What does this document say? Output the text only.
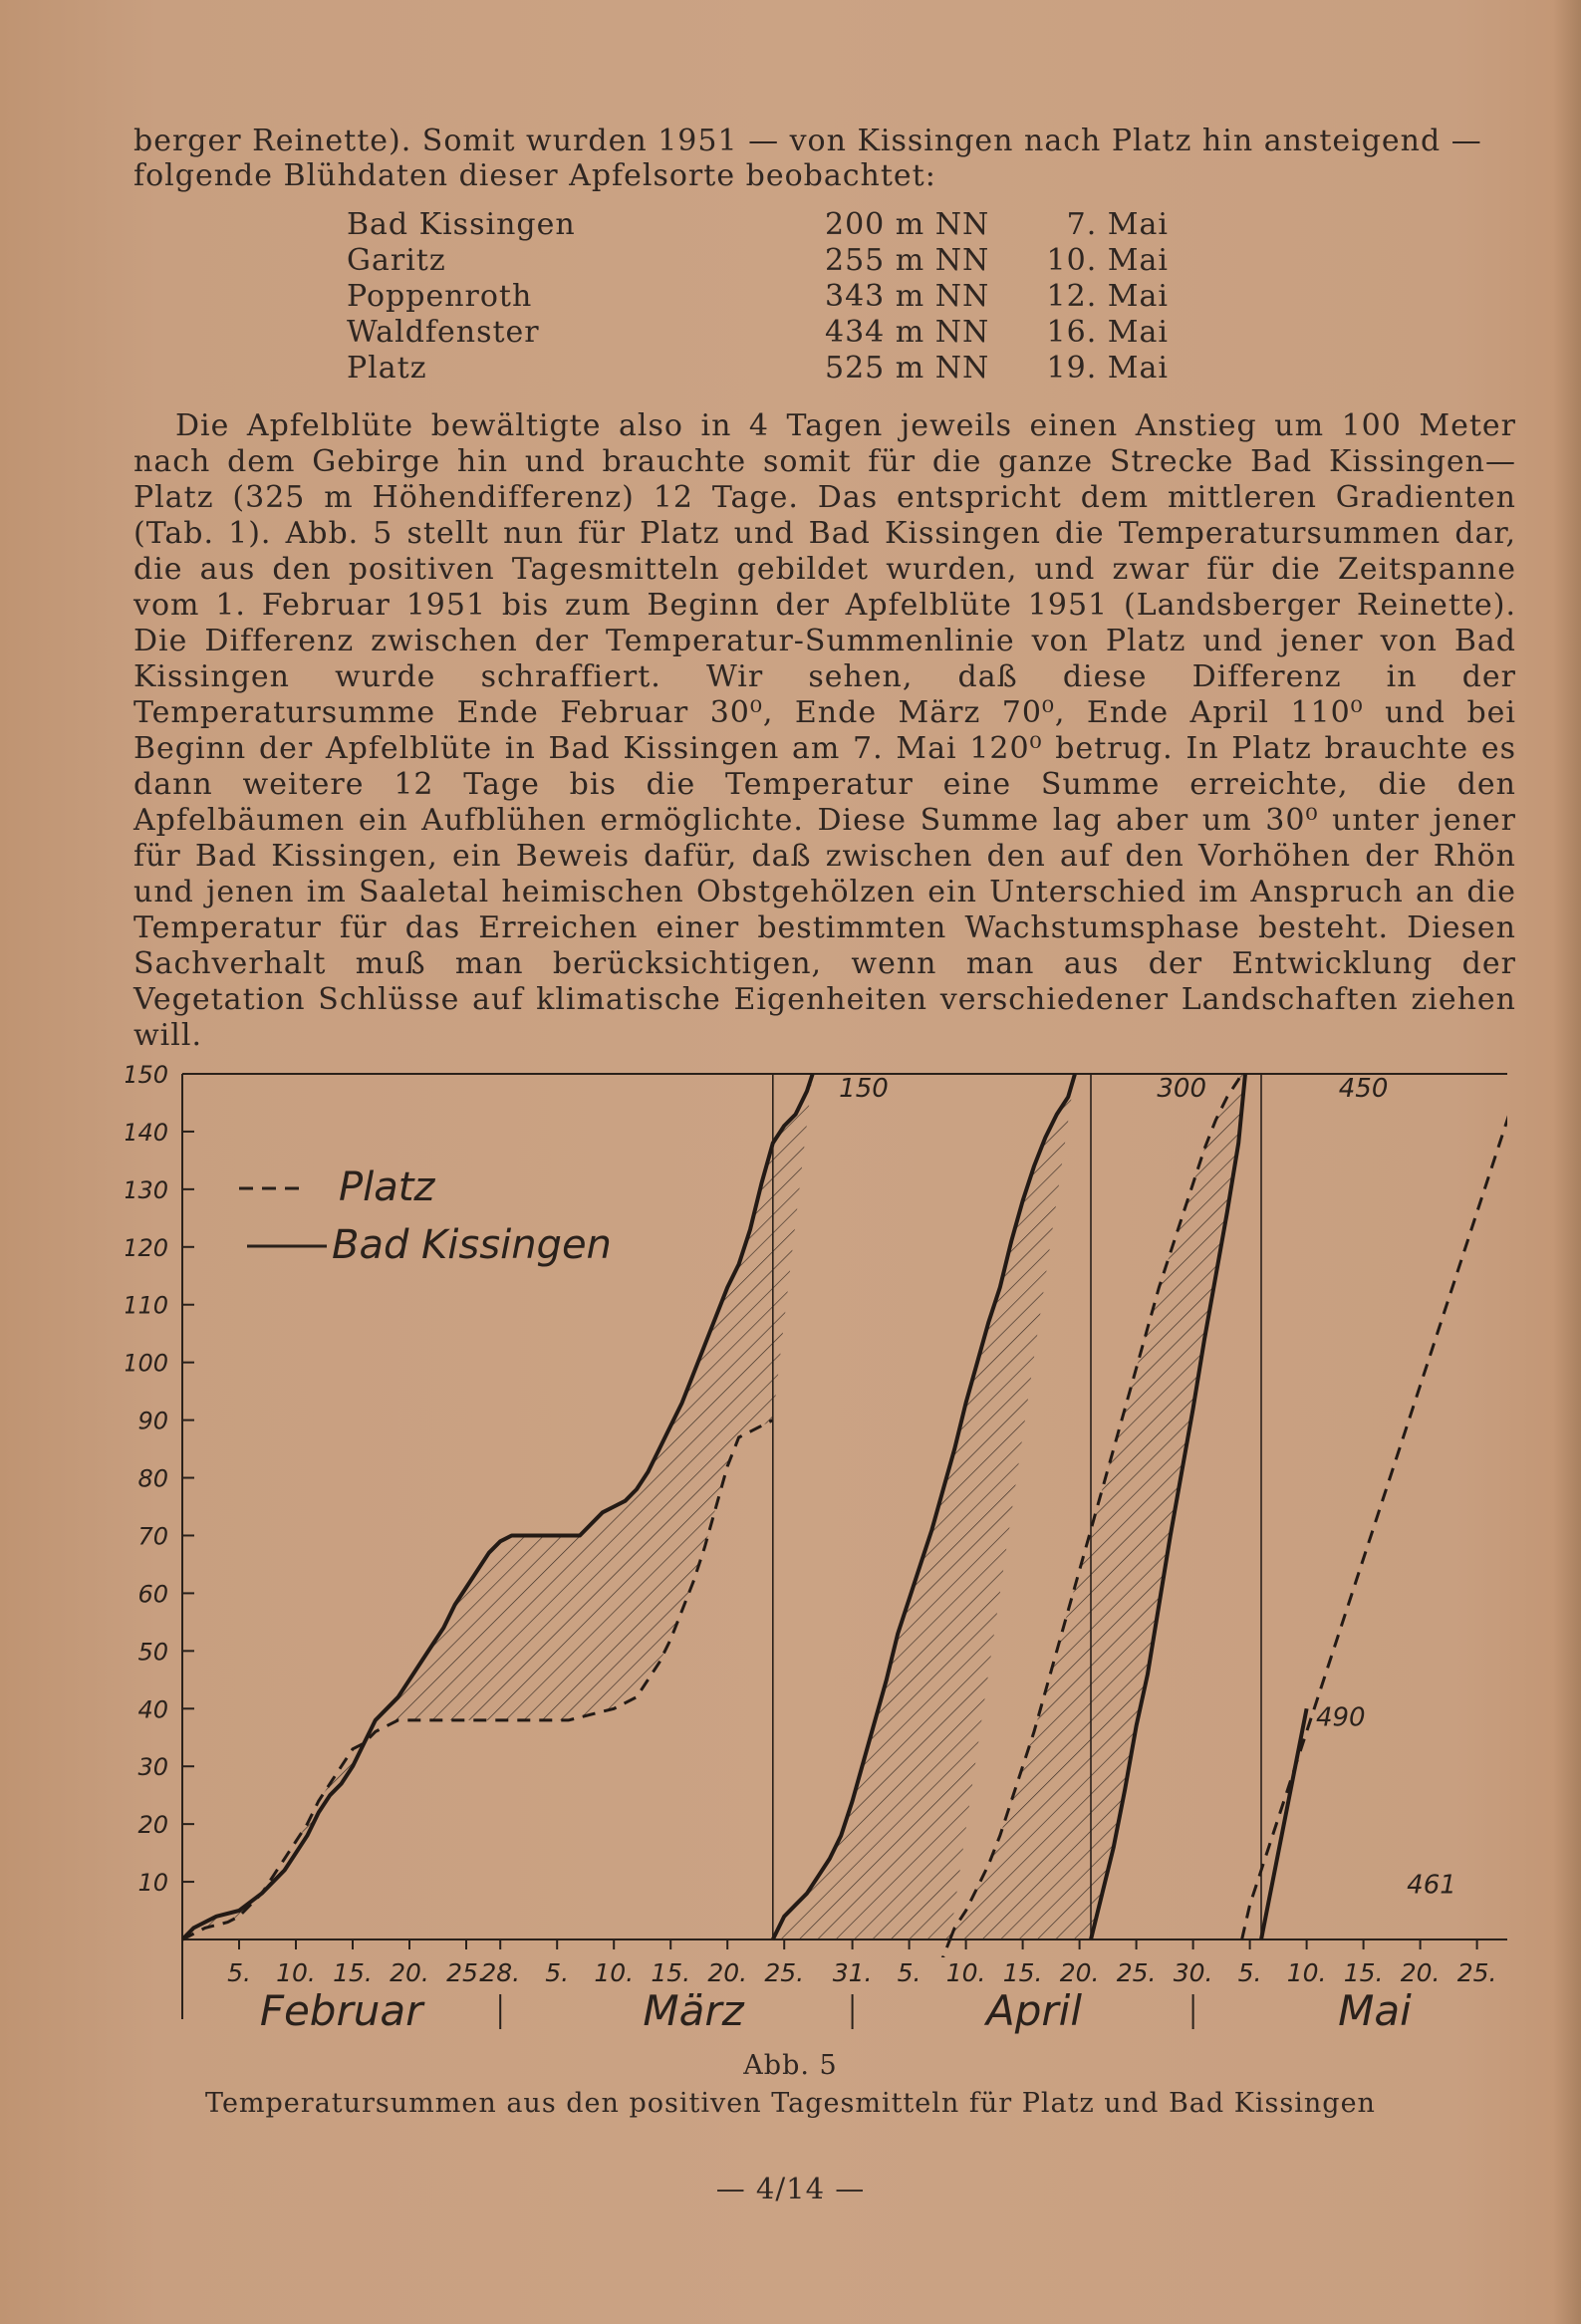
berger Reinette). Somit wurden 1951 — von Kissingen nach Platz hin ansteigend —

folgende Blühdaten dieser Apfelsorte beobachtet:

Bad Kissingen	200 m NN	7. Mai
Garitz	255 m NN	10. Mai
Poppenroth	343 m NN	12. Mai
Waldfenster	434 m NN	16. Mai
Platz	525 m NN	19. Mai

Die Apfelblüte bewältigte also in 4 Tagen jeweils einen Anstieg um 100 Meter nach dem Gebirge hin und brauchte somit für die ganze Strecke Bad Kissingen—Platz (325 m Höhendifferenz) 12 Tage. Das entspricht dem mittleren Gradienten (Tab. 1). Abb. 5 stellt nun für Platz und Bad Kissingen die Temperatursummen dar, die aus den positiven Tagesmitteln gebildet wurden, und zwar für die Zeitspanne vom 1. Februar 1951 bis zum Beginn der Apfelblüte 1951 (Landsberger Reinette). Die Differenz zwischen der Temperatur-Summenlinie von Platz und jener von Bad Kissingen wurde schraffiert. Wir sehen, daß diese Differenz in der Temperatursumme Ende Februar 30⁰, Ende März 70⁰, Ende April 110⁰ und bei Beginn der Apfelblüte in Bad Kissingen am 7. Mai 120⁰ betrug. In Platz brauchte es dann weitere 12 Tage bis die Temperatur eine Summe erreichte, die den Apfelbäumen ein Aufblühen ermöglichte. Diese Summe lag aber um 30⁰ unter jener für Bad Kissingen, ein Beweis dafür, daß zwischen den auf den Vorhöhen der Rhön und jenen im Saaletal heimischen Obstgehölzen ein Unterschied im Anspruch an die Temperatur für das Erreichen einer bestimmten Wachstumsphase besteht. Diesen Sachverhalt muß man berücksichtigen, wenn man aus der Entwicklung der Vegetation Schlüsse auf klimatische Eigenheiten verschiedener Landschaften ziehen will.

150
140
130
120
110
100
90
80
70
60
50
40
30
20
10
5. 10. 15. 20. 25.
28. 5. 10. 15. 20. 25. 31. 5. 10. 15. 20. 25. 30. 5. 10. 15. 20. 25.
Februar	März	April	Mai
150	300	450
490
461
Platz
Bad Kissingen
Abb. 5
Temperatursummen aus den positiven Tagesmitteln für Platz und Bad Kissingen
— 4/14 —
